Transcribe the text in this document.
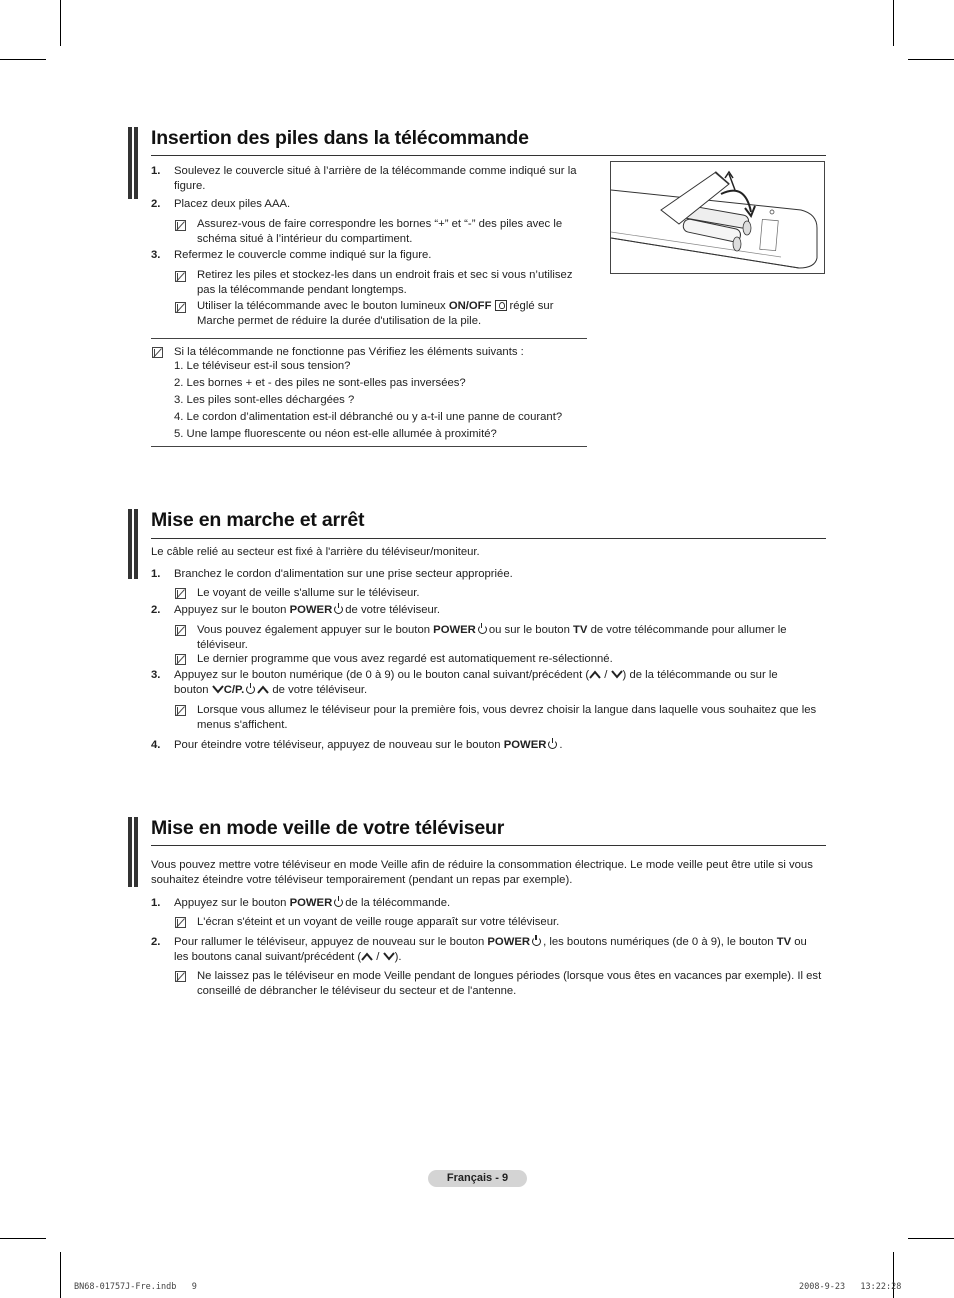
Insertion des piles dans la télécommande
1. Soulevez le couvercle situé à l’arrière de la télécommande comme indiqué sur la figure.
2. Placez deux piles AAA.
Assurez-vous de faire correspondre les bornes “+” et “-” des piles avec le schéma situé à l’intérieur du compartiment.
3. Refermez le couvercle comme indiqué sur la figure.
Retirez les piles et stockez-les dans un endroit frais et sec si vous n’utilisez pas la télécommande pendant longtemps.
Utiliser la télécommande avec le bouton lumineux ON/OFF réglé sur Marche permet de réduire la durée d'utilisation de la pile.
Si la télécommande ne fonctionne pas Vérifiez les éléments suivants :
1. Le téléviseur est-il sous tension?
2. Les bornes + et - des piles ne sont-elles pas inversées?
3. Les piles sont-elles déchargées ?
4. Le cordon d’alimentation est-il débranché ou y a-t-il une panne de courant?
5. Une lampe fluorescente ou néon est-elle allumée à proximité?
Mise en marche et arrêt
Le câble relié au secteur est fixé à l'arrière du téléviseur/moniteur.
1. Branchez le cordon d'alimentation sur une prise secteur appropriée.
Le voyant de veille s'allume sur le téléviseur.
2. Appuyez sur le bouton POWER de votre téléviseur.
Vous pouvez également appuyer sur le bouton POWER ou sur le bouton TV de votre télécommande pour allumer le téléviseur.
Le dernier programme que vous avez regardé est automatiquement re-sélectionné.
3. Appuyez sur le bouton numérique (de 0 à 9) ou le bouton canal suivant/précédent ( / ) de la télécommande ou sur le bouton C/P. de votre téléviseur.
Lorsque vous allumez le téléviseur pour la première fois, vous devrez choisir la langue dans laquelle vous souhaitez que les menus s'affichent.
4. Pour éteindre votre téléviseur, appuyez de nouveau sur le bouton POWER .
Mise en mode veille de votre téléviseur
Vous pouvez mettre votre téléviseur en mode Veille afin de réduire la consommation électrique. Le mode veille peut être utile si vous souhaitez éteindre votre téléviseur temporairement (pendant un repas par exemple).
1. Appuyez sur le bouton POWER de la télécommande.
L'écran s'éteint et un voyant de veille rouge apparaît sur votre téléviseur.
2. Pour rallumer le téléviseur, appuyez de nouveau sur le bouton POWER , les boutons numériques (de 0 à 9), le bouton TV ou les boutons canal suivant/précédent ( / ).
Ne laissez pas le téléviseur en mode Veille pendant de longues périodes (lorsque vous êtes en vacances par exemple). Il est conseillé de débrancher le téléviseur du secteur et de l'antenne.
Français - 9
BN68-01757J-Fre.indb   9	2008-9-23   13:22:28
